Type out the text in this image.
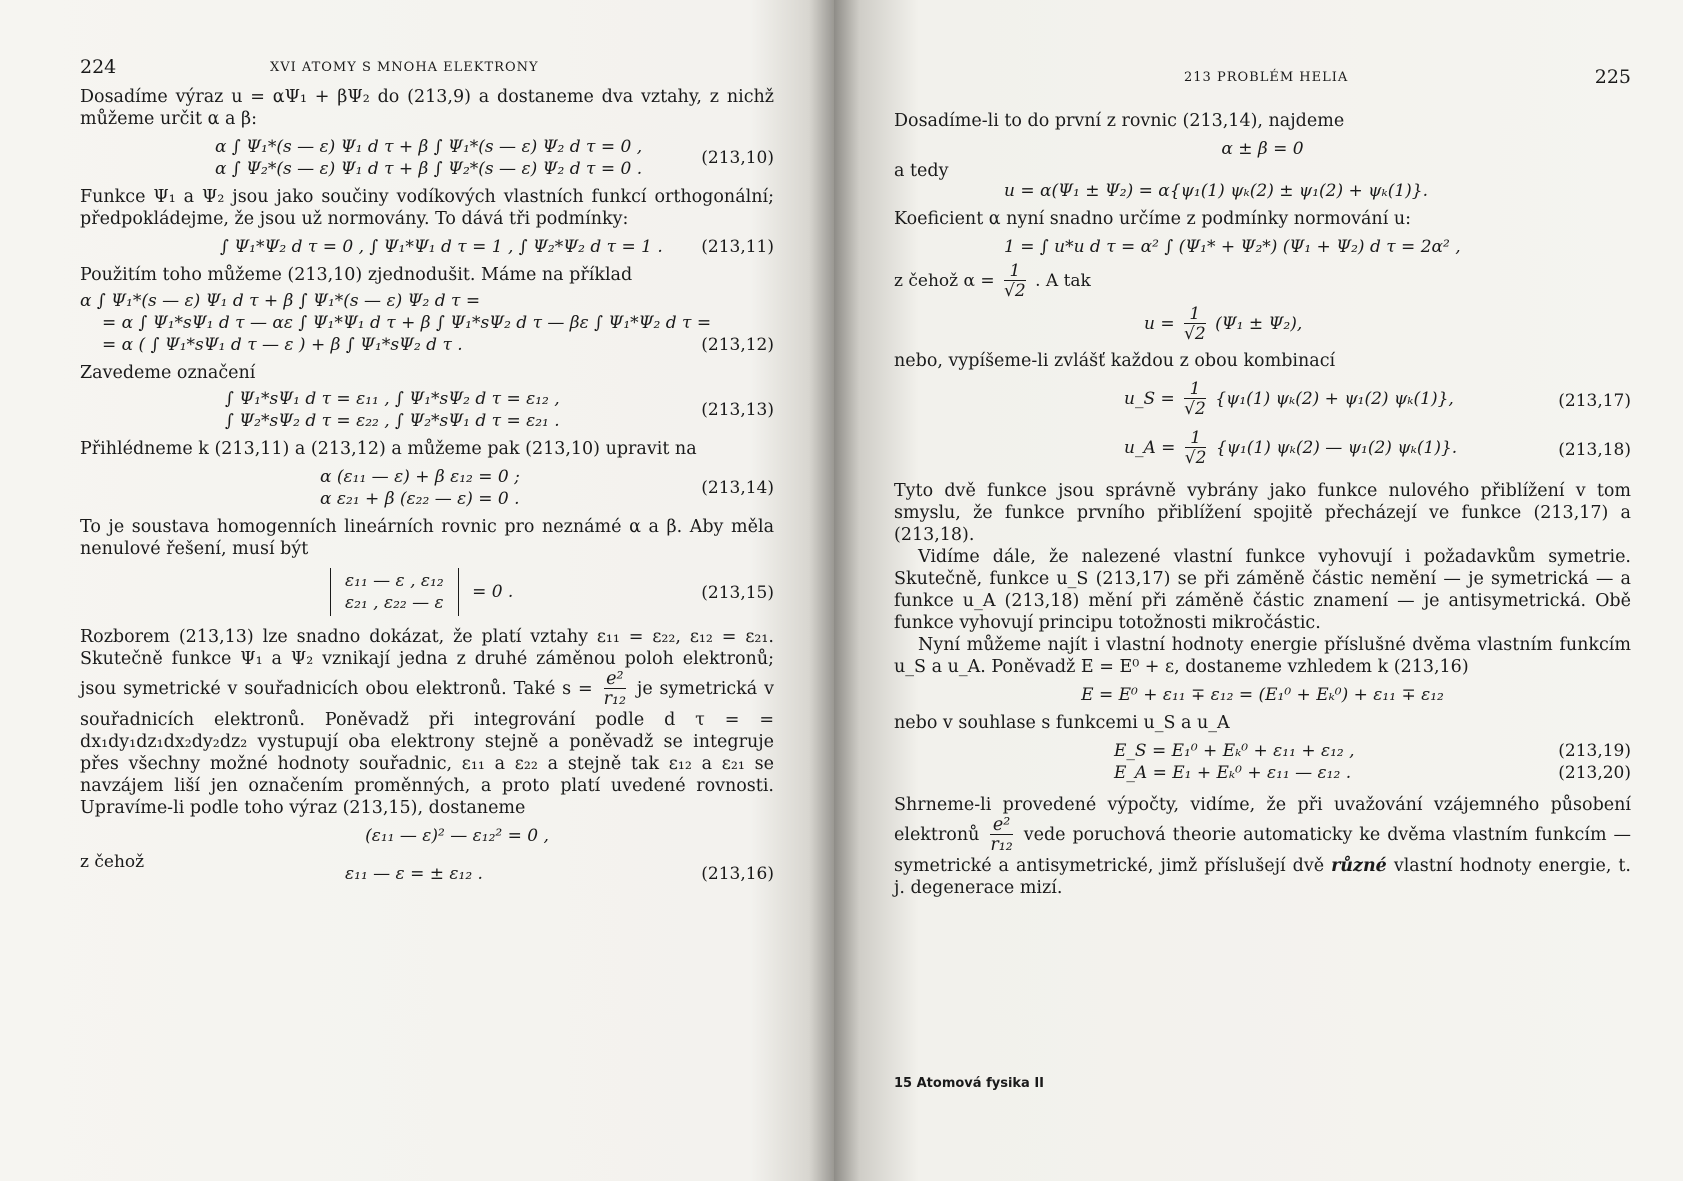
224	XVI ATOMY S MNOHA ELEKTRONY

Dosadíme výraz u = αΨ₁ + βΨ₂ do (213,9) a dostaneme dva vztahy, z nichž můžeme určit α a β:

α ∫ Ψ₁*(s — ε) Ψ₁ d τ + β ∫ Ψ₁*(s — ε) Ψ₂ d τ = 0 ,
α ∫ Ψ₂*(s — ε) Ψ₁ d τ + β ∫ Ψ₂*(s — ε) Ψ₂ d τ = 0 .
(213,10)

Funkce Ψ₁ a Ψ₂ jsou jako součiny vodíkových vlastních funkcí orthogonální; předpokládejme, že jsou už normovány. To dává tři podmínky:

∫ Ψ₁*Ψ₂ d τ = 0 , ∫ Ψ₁*Ψ₁ d τ = 1 , ∫ Ψ₂*Ψ₂ d τ = 1 .	(213,11)

Použitím toho můžeme (213,10) zjednodušit. Máme na příklad

α ∫ Ψ₁*(s — ε) Ψ₁ d τ + β ∫ Ψ₁*(s — ε) Ψ₂ d τ =
= α ∫ Ψ₁*sΨ₁ d τ — αε ∫ Ψ₁*Ψ₁ d τ + β ∫ Ψ₁*sΨ₂ d τ — βε ∫ Ψ₁*Ψ₂ d τ =
= α ( ∫ Ψ₁*sΨ₁ d τ — ε ) + β ∫ Ψ₁*sΨ₂ d τ .	(213,12)

Zavedeme označení

∫ Ψ₁*sΨ₁ d τ = ε₁₁ , ∫ Ψ₁*sΨ₂ d τ = ε₁₂ ,
∫ Ψ₂*sΨ₂ d τ = ε₂₂ , ∫ Ψ₂*sΨ₁ d τ = ε₂₁ .
(213,13)

Přihlédneme k (213,11) a (213,12) a můžeme pak (213,10) upravit na

α (ε₁₁ — ε) + β ε₁₂ = 0 ;
α ε₂₁ + β (ε₂₂ — ε) = 0 .
(213,14)

To je soustava homogenních lineárních rovnic pro neznámé α a β. Aby měla nenulové řešení, musí být

ε₁₁ — ε , ε₁₂
ε₂₁ , ε₂₂ — ε
= 0 .	(213,15)

Rozborem (213,13) lze snadno dokázat, že platí vztahy ε₁₁ = ε₂₂, ε₁₂ = ε₂₁. Skutečně funkce Ψ₁ a Ψ₂ vznikají jedna z druhé záměnou poloh elektronů; jsou symetrické v souřadnicích obou elektronů. Také $s = \frac{\text{e²}}{\text{r₁₂}}$ je symetrická v souřadnicích elektronů. Poněvadž při integrování podle d τ = = dx₁dy₁dz₁dx₂dy₂dz₂ vystupují oba elektrony stejně a poněvadž se integruje přes všechny možné hodnoty souřadnic, ε₁₁ a ε₂₂ a stejně tak ε₁₂ a ε₂₁ se navzájem liší jen označením proměnných, a proto platí uvedené rovnosti. Upravíme-li podle toho výraz (213,15), dostaneme

(ε₁₁ — ε)² — ε₁₂² = 0 ,
z čehož
ε₁₁ — ε = ± ε₁₂ .	(213,16)
213 PROBLÉM HELIA	225

Dosadíme-li to do první z rovnic (213,14), najdeme

α ± β = 0

a tedy

u = α(Ψ₁ ± Ψ₂) = α{ψ₁(1) ψₖ(2) ± ψ₁(2) + ψₖ(1)}.

Koeficient α nyní snadno určíme z podmínky normování u:

1 = ∫ u*u d τ = α² ∫ (Ψ₁* + Ψ₂*) (Ψ₁ + Ψ₂) d τ = 2α² ,
z čehož $\alpha = \frac{1}{√2}$ . A tak
$u = \frac{1}{√2} (\Psi_1 \pm \Psi_2)$,

nebo, vypíšeme-li zvlášť každou z obou kombinací

u_S = $\frac{1}{√2} \{\psi_1(1) \psi_k(2) + \psi_1(2)$ ψₖ(1)},	(213,17)
u_A = $\frac{1}{√2} \{\psi_1(1)$ ψₖ(2) — ψ₁(2) ψₖ(1)}.	(213,18)

Tyto dvě funkce jsou správně vybrány jako funkce nulového přiblížení v tom smyslu, že funkce prvního přiblížení spojitě přecházejí ve funkce (213,17) a (213,18).

Vidíme dále, že nalezené vlastní funkce vyhovují i požadavkům symetrie. Skutečně, funkce u_S (213,17) se při záměně částic nemění — je symetrická — a funkce u_A (213,18) mění při záměně částic znamení — je antisymetrická. Obě funkce vyhovují principu totožnosti mikročástic.

Nyní můžeme najít i vlastní hodnoty energie příslušné dvěma vlastním funkcím u_S a u_A. Poněvadž E = E⁰ + ε, dostaneme vzhledem k (213,16)

E = E⁰ + ε₁₁ ∓ ε₁₂ = (E₁⁰ + Eₖ⁰) + ε₁₁ ∓ ε₁₂

nebo v souhlase s funkcemi u_S a u_A

E_S = E₁⁰ + Eₖ⁰ + ε₁₁ + ε₁₂ ,	(213,19)
E_A = E₁ + Eₖ⁰ + ε₁₁ — ε₁₂ .	(213,20)

Shrneme-li provedené výpočty, vidíme, že při uvažování vzájemného působení elektronů $\frac{\text{e²}}{\text{r₁₂}}$ vede poruchová theorie automaticky ke dvěma vlastním funkcím — symetrické a antisymetrické, jimž příslušejí dvě různé vlastní hodnoty energie, t. j. degenerace mizí.

15 Atomová fysika II
